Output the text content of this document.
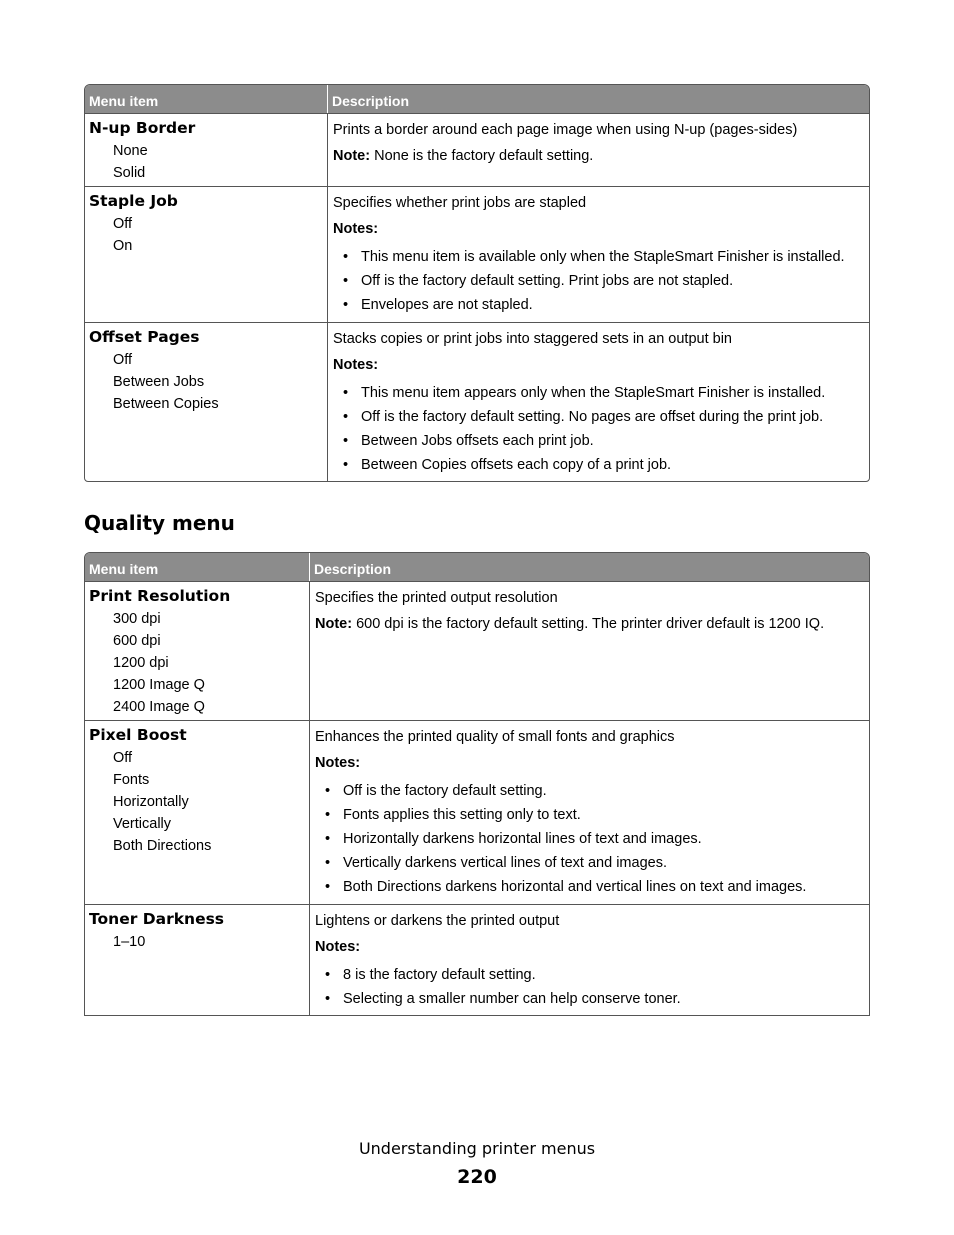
Menu item	Description
N-up Border
None
Solid
Prints a border around each page image when using N-up (pages-sides)
Note: None is the factory default setting.
Staple Job
Off
On
Specifies whether print jobs are stapled
Notes:
• This menu item is available only when the StapleSmart Finisher is installed.
• Off is the factory default setting. Print jobs are not stapled.
• Envelopes are not stapled.
Offset Pages
Off
Between Jobs
Between Copies
Stacks copies or print jobs into staggered sets in an output bin
Notes:
• This menu item appears only when the StapleSmart Finisher is installed.
• Off is the factory default setting. No pages are offset during the print job.
• Between Jobs offsets each print job.
• Between Copies offsets each copy of a print job.
Quality menu
Menu item	Description
Print Resolution
300 dpi
600 dpi
1200 dpi
1200 Image Q
2400 Image Q
Specifies the printed output resolution
Note: 600 dpi is the factory default setting. The printer driver default is 1200 IQ.
Pixel Boost
Off
Fonts
Horizontally
Vertically
Both Directions
Enhances the printed quality of small fonts and graphics
Notes:
• Off is the factory default setting.
• Fonts applies this setting only to text.
• Horizontally darkens horizontal lines of text and images.
• Vertically darkens vertical lines of text and images.
• Both Directions darkens horizontal and vertical lines on text and images.
Toner Darkness
1–10
Lightens or darkens the printed output
Notes:
• 8 is the factory default setting.
• Selecting a smaller number can help conserve toner.
Understanding printer menus
220
